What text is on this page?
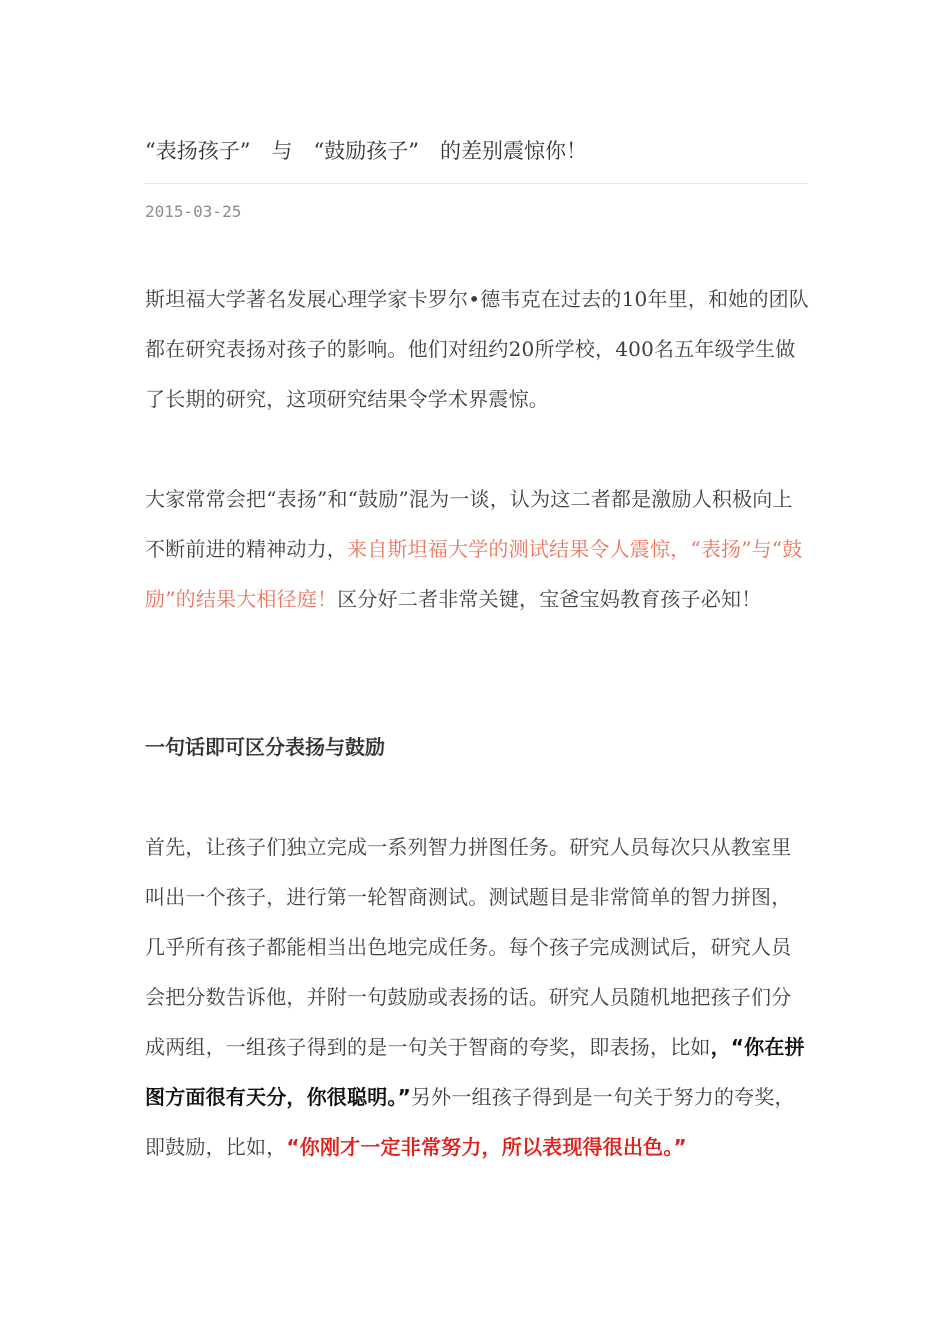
“表扬孩子”　与　“鼓励孩子”　的差别震惊你！
2015-03-25

斯坦福大学著名发展心理学家卡罗尔•德韦克在过去的10年里，和她的团队都在研究表扬对孩子的影响。他们对纽约20所学校，400名五年级学生做了长期的研究，这项研究结果令学术界震惊。

大家常常会把“表扬”和“鼓励”混为一谈，认为这二者都是激励人积极向上不断前进的精神动力，来自斯坦福大学的测试结果令人震惊，“表扬”与“鼓励”的结果大相径庭！区分好二者非常关键，宝爸宝妈教育孩子必知！

一句话即可区分表扬与鼓励

首先，让孩子们独立完成一系列智力拼图任务。研究人员每次只从教室里叫出一个孩子，进行第一轮智商测试。测试题目是非常简单的智力拼图，几乎所有孩子都能相当出色地完成任务。每个孩子完成测试后，研究人员会把分数告诉他，并附一句鼓励或表扬的话。研究人员随机地把孩子们分成两组，一组孩子得到的是一句关于智商的夸奖，即表扬，比如，“你在拼图方面很有天分，你很聪明。”另外一组孩子得到是一句关于努力的夸奖，即鼓励，比如，“你刚才一定非常努力，所以表现得很出色。”
